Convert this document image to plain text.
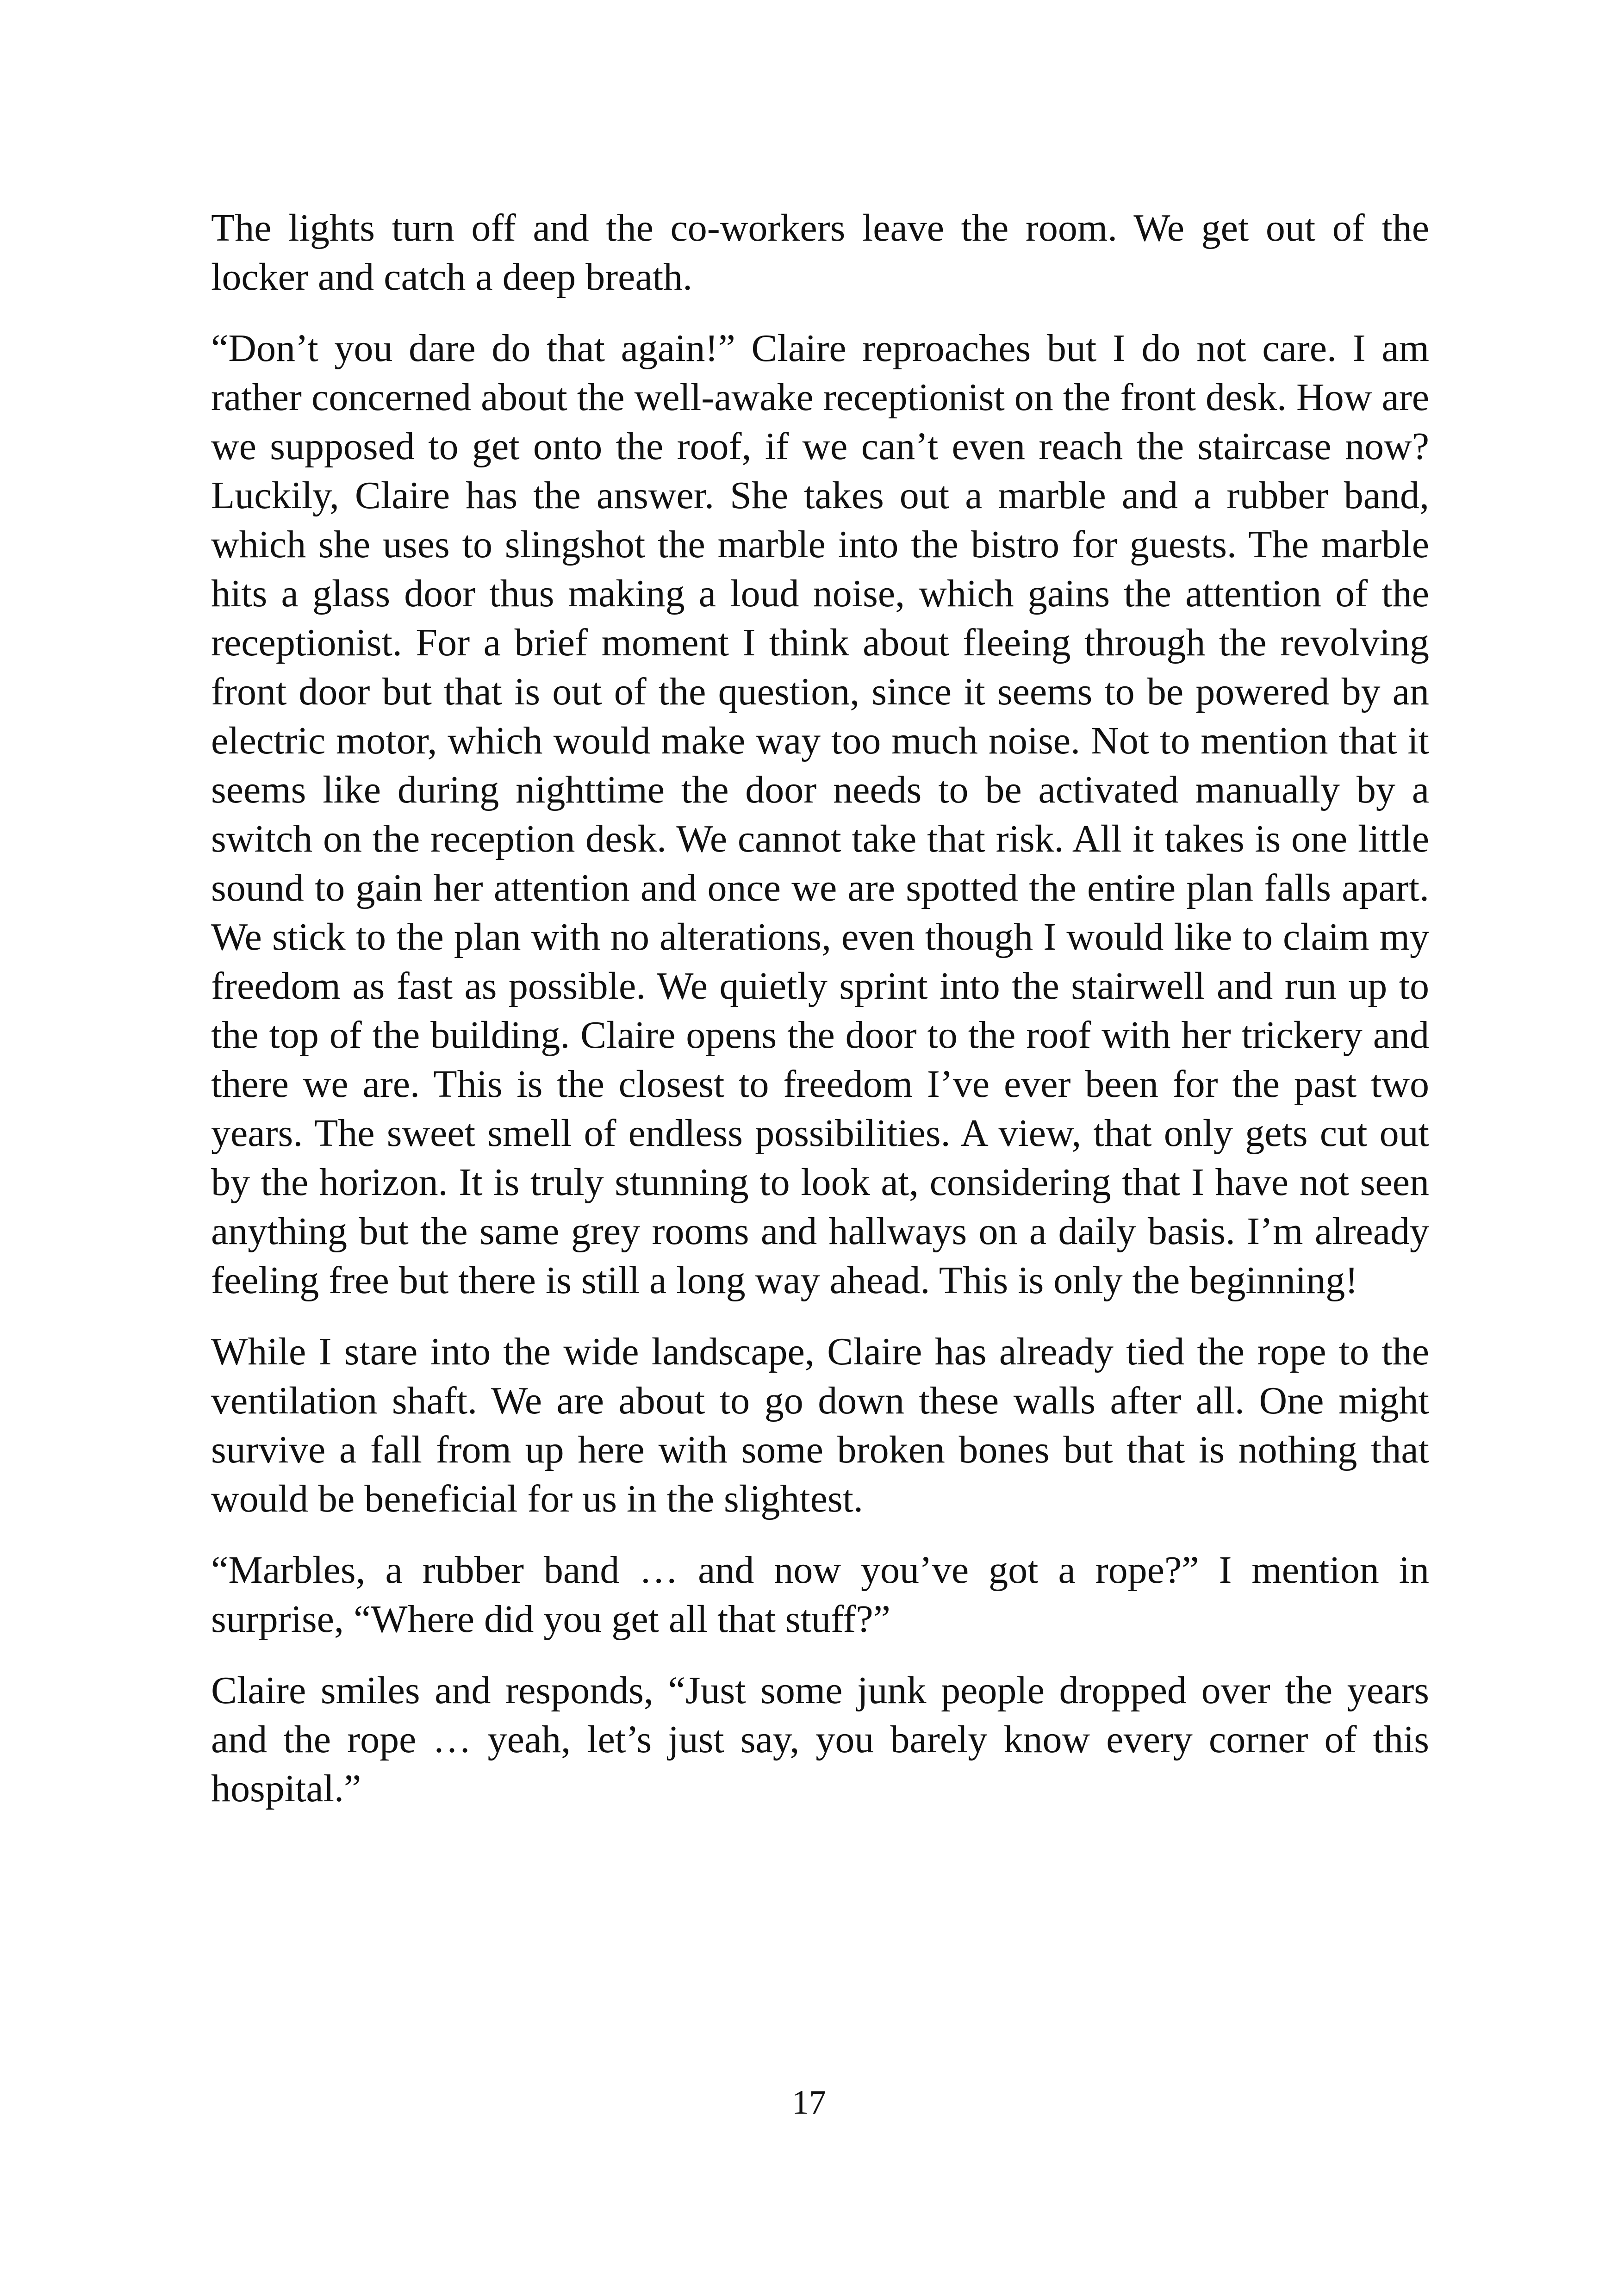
The lights turn off and the co-workers leave the room. We get out of the locker and catch a deep breath.

“Don’t you dare do that again!” Claire reproaches but I do not care. I am rather concerned about the well-awake receptionist on the front desk. How are we supposed to get onto the roof, if we can’t even reach the staircase now? Luckily, Claire has the answer. She takes out a marble and a rubber band, which she uses to slingshot the marble into the bistro for guests. The marble hits a glass door thus making a loud noise, which gains the attention of the receptionist. For a brief moment I think about fleeing through the revolving front door but that is out of the question, since it seems to be powered by an electric motor, which would make way too much noise. Not to mention that it seems like during nighttime the door needs to be activated manually by a switch on the reception desk. We cannot take that risk. All it takes is one little sound to gain her attention and once we are spotted the entire plan falls apart. We stick to the plan with no alterations, even though I would like to claim my freedom as fast as possible. We quietly sprint into the stairwell and run up to the top of the building. Claire opens the door to the roof with her trickery and there we are. This is the closest to freedom I’ve ever been for the past two years. The sweet smell of endless possibilities. A view, that only gets cut out by the horizon. It is truly stunning to look at, considering that I have not seen anything but the same grey rooms and hallways on a daily basis. I’m already feeling free but there is still a long way ahead. This is only the beginning!

While I stare into the wide landscape, Claire has already tied the rope to the ventilation shaft. We are about to go down these walls after all. One might survive a fall from up here with some broken bones but that is nothing that would be beneficial for us in the slightest.

“Marbles, a rubber band … and now you’ve got a rope?” I mention in surprise, “Where did you get all that stuff?”

Claire smiles and responds, “Just some junk people dropped over the years and the rope … yeah, let’s just say, you barely know every corner of this hospital.”

17
